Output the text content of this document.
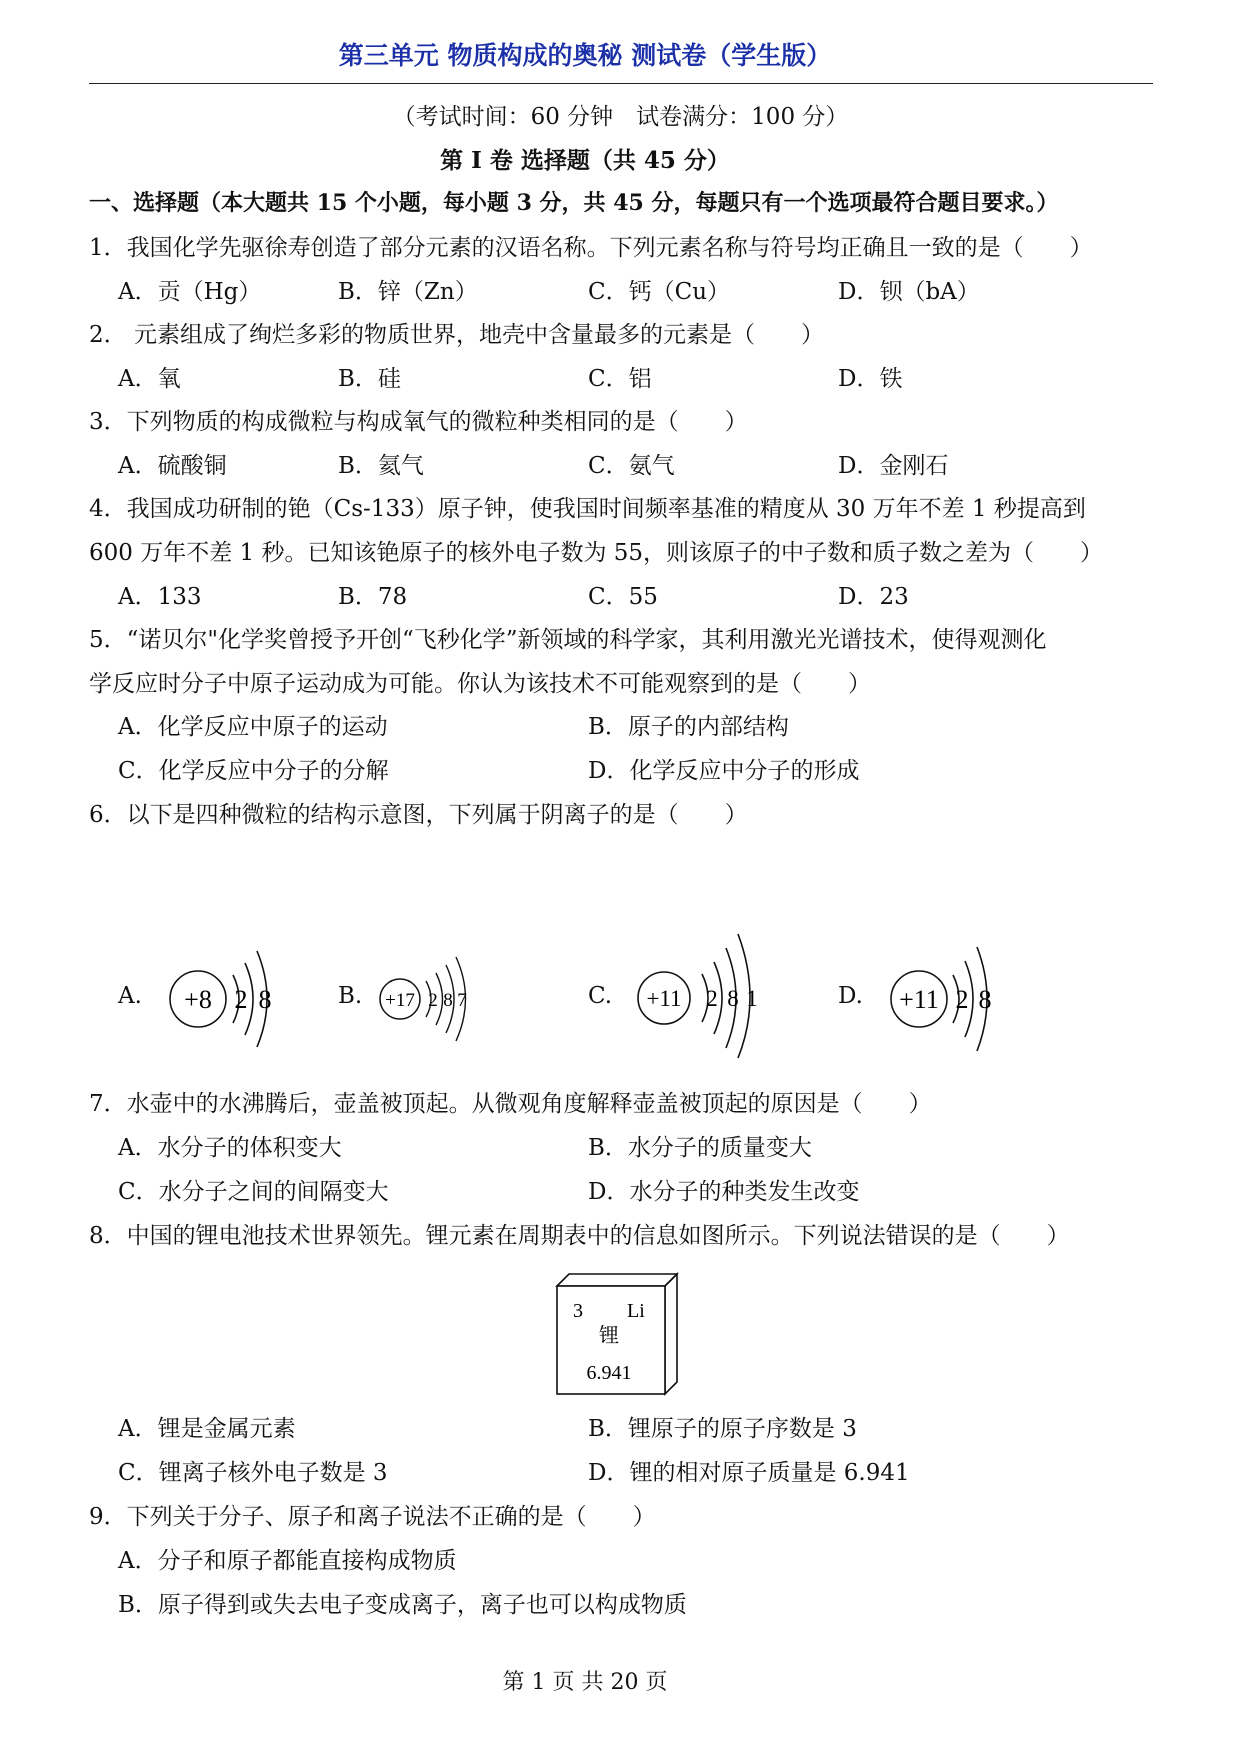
第三单元 物质构成的奥秘 测试卷（学生版）
（考试时间：60 分钟　试卷满分：100 分）
第 I 卷 选择题（共 45 分）
一、选择题（本大题共 15 个小题，每小题 3 分，共 45 分，每题只有一个选项最符合题目要求。）
1．我国化学先驱徐寿创造了部分元素的汉语名称。下列元素名称与符号均正确且一致的是（　　）
A．贡（Hg）	B．锌（Zn）	C．钙（Cu）	D．钡（bA）
2． 元素组成了绚烂多彩的物质世界，地壳中含量最多的元素是（　　）
A．氧	B．硅	C．铝	D．铁
3．下列物质的构成微粒与构成氧气的微粒种类相同的是（　　）
A．硫酸铜	B．氦气	C．氨气	D．金刚石
4．我国成功研制的铯（Cs-133）原子钟，使我国时间频率基准的精度从 30 万年不差 1 秒提高到
600 万年不差 1 秒。已知该铯原子的核外电子数为 55，则该原子的中子数和质子数之差为（　　）
A．133	B．78	C．55	D．23
5．“诺贝尔"化学奖曾授予开创“飞秒化学”新领域的科学家，其利用激光光谱技术，使得观测化
学反应时分子中原子运动成为可能。你认为该技术不可能观察到的是（　　）
A．化学反应中原子的运动	B．原子的内部结构
C．化学反应中分子的分解	D．化学反应中分子的形成
6．以下是四种微粒的结构示意图，下列属于阴离子的是（　　）
A.	B.	C.	D.
+8 2 8	+17 2 8 7	+11 2 8 1	+11 2 8
7．水壶中的水沸腾后，壶盖被顶起。从微观角度解释壶盖被顶起的原因是（　　）
A．水分子的体积变大	B．水分子的质量变大
C．水分子之间的间隔变大	D．水分子的种类发生改变
8．中国的锂电池技术世界领先。锂元素在周期表中的信息如图所示。下列说法错误的是（　　）
3 Li
锂
6.941
A．锂是金属元素	B．锂原子的原子序数是 3
C．锂离子核外电子数是 3	D．锂的相对原子质量是 6.941
9．下列关于分子、原子和离子说法不正确的是（　　）
A．分子和原子都能直接构成物质
B．原子得到或失去电子变成离子，离子也可以构成物质
第 1 页 共 20 页
